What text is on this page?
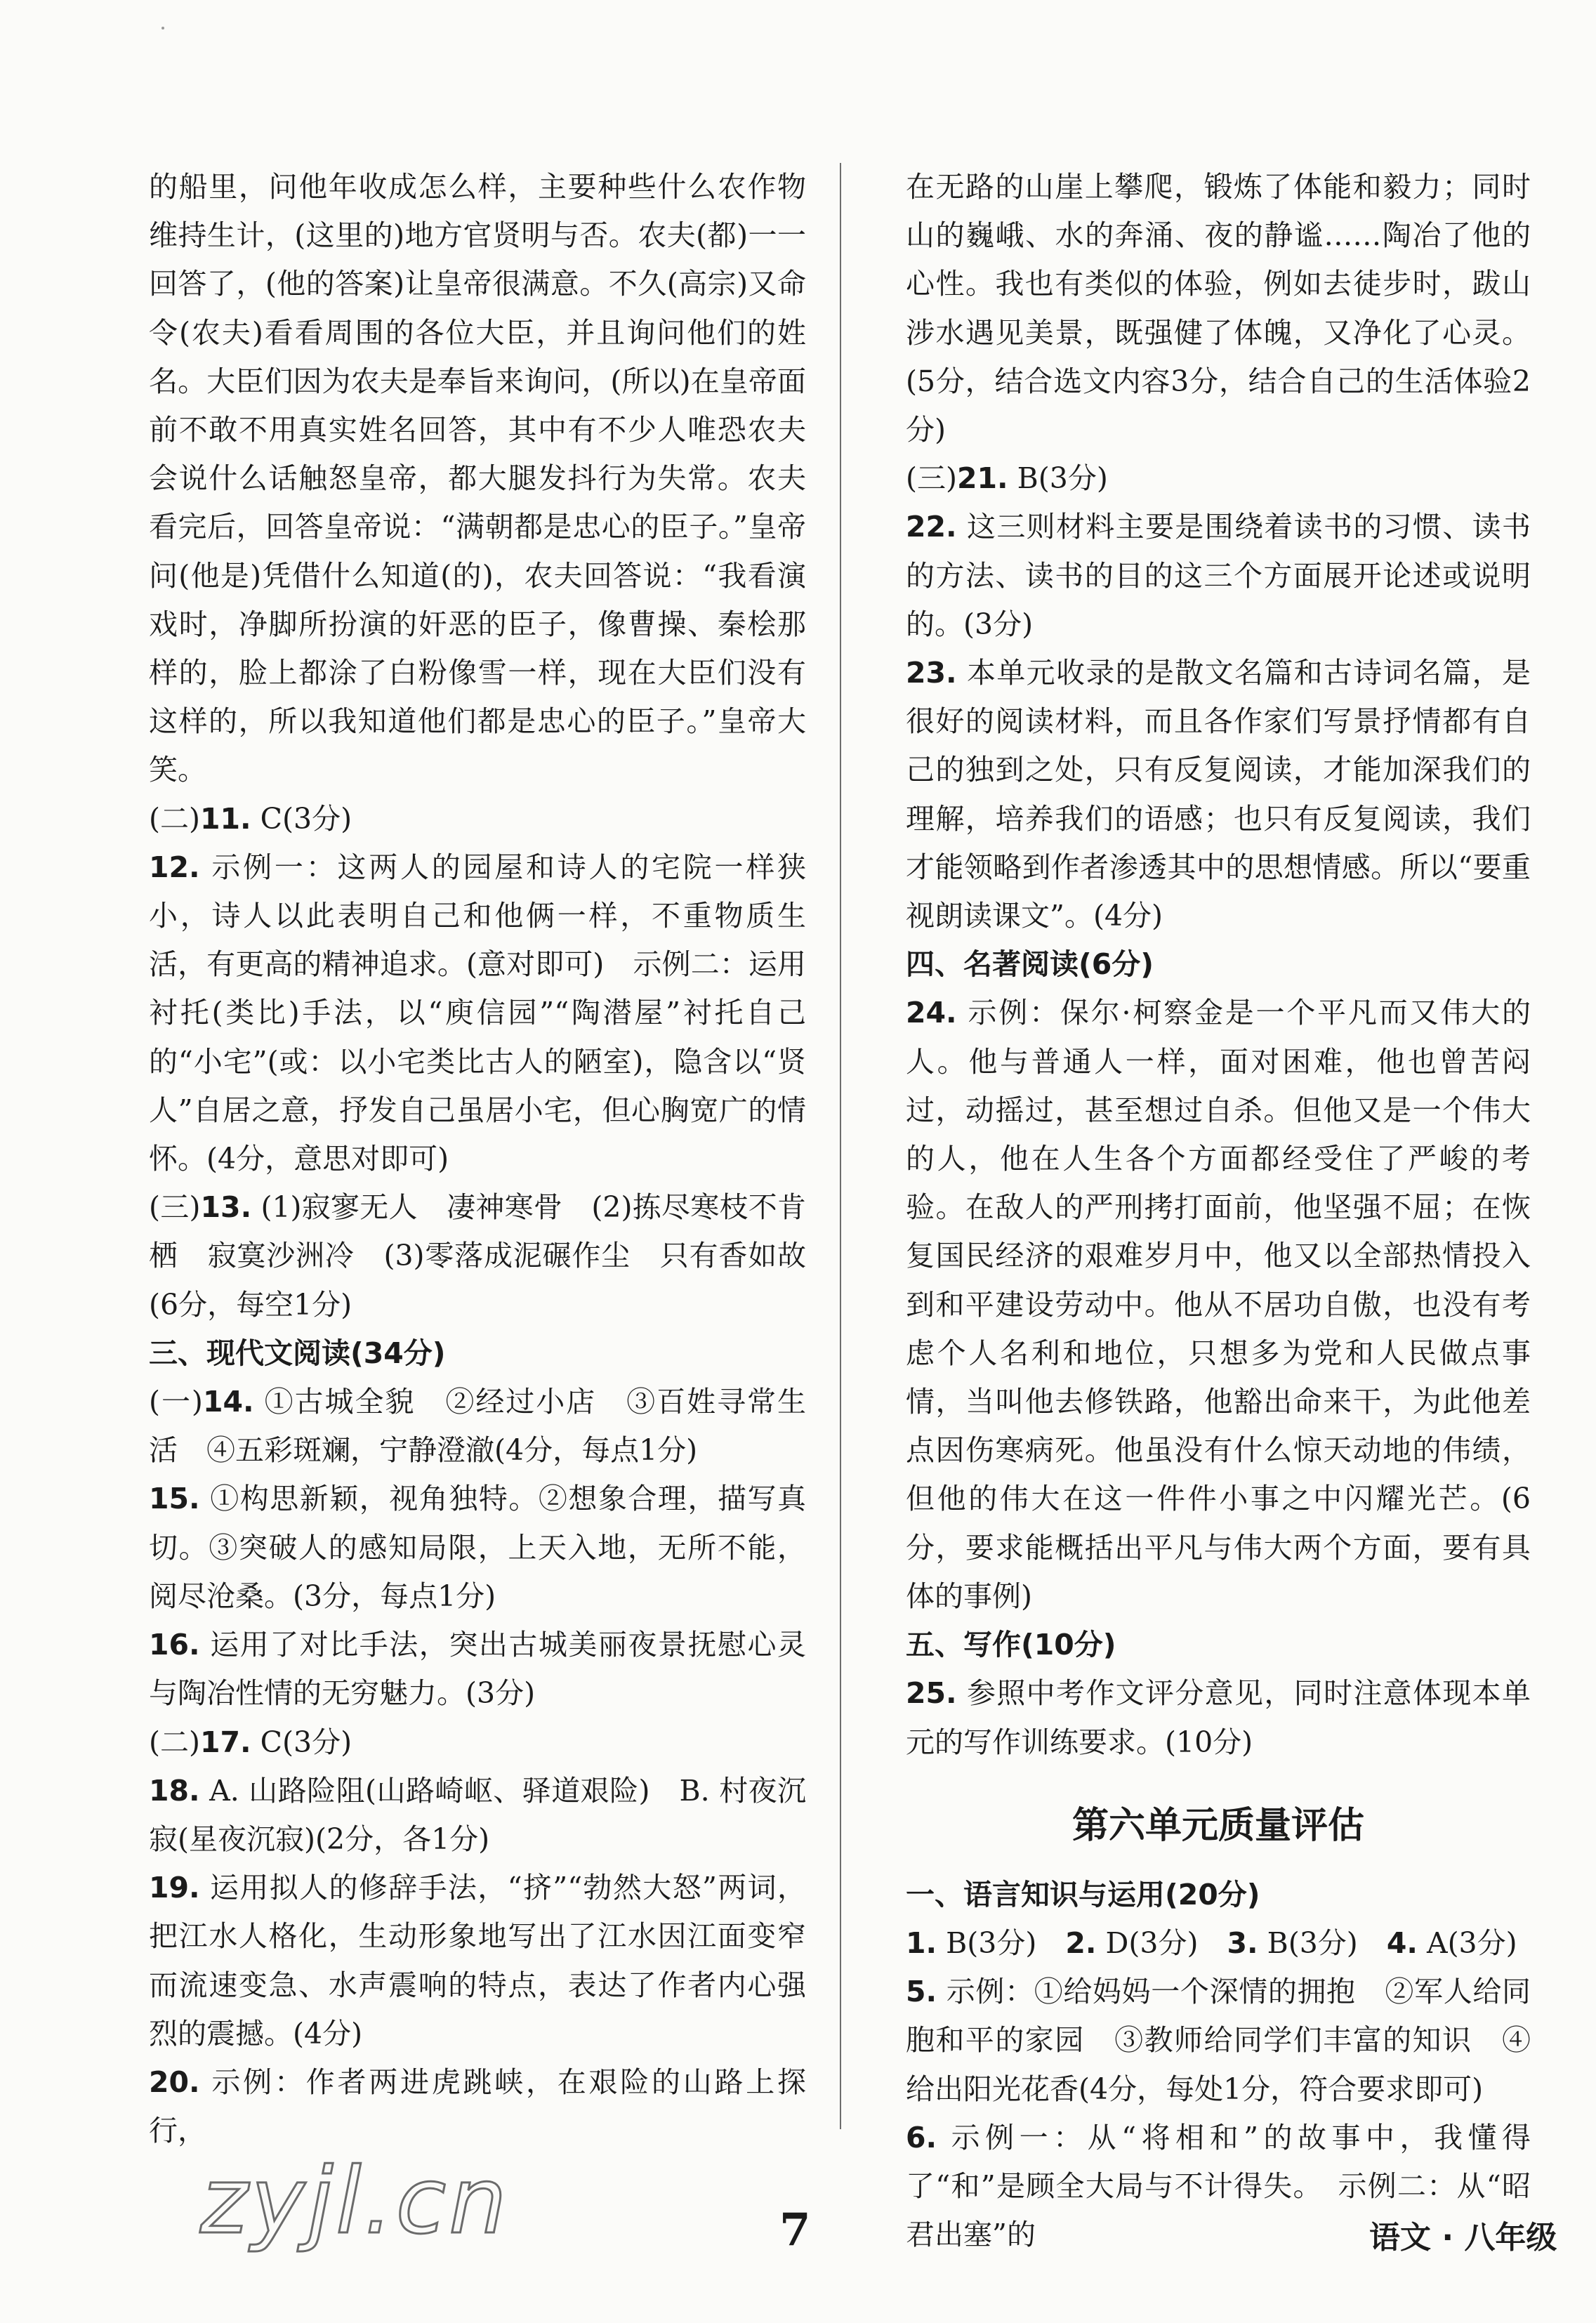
的船里，问他年收成怎么样，主要种些什么农作物维持生计，(这里的)地方官贤明与否。农夫(都)一一回答了，(他的答案)让皇帝很满意。不久(高宗)又命令(农夫)看看周围的各位大臣，并且询问他们的姓名。大臣们因为农夫是奉旨来询问，(所以)在皇帝面前不敢不用真实姓名回答，其中有不少人唯恐农夫会说什么话触怒皇帝，都大腿发抖行为失常。农夫看完后，回答皇帝说：“满朝都是忠心的臣子。”皇帝问(他是)凭借什么知道(的)，农夫回答说：“我看演戏时，净脚所扮演的奸恶的臣子，像曹操、秦桧那样的，脸上都涂了白粉像雪一样，现在大臣们没有这样的，所以我知道他们都是忠心的臣子。”皇帝大笑。

(二)11. C(3分)

12. 示例一：这两人的园屋和诗人的宅院一样狭小，诗人以此表明自己和他俩一样，不重物质生活，有更高的精神追求。(意对即可)　示例二：运用衬托(类比)手法，以“庾信园”“陶潜屋”衬托自己的“小宅”(或：以小宅类比古人的陋室)，隐含以“贤人”自居之意，抒发自己虽居小宅，但心胸宽广的情怀。(4分，意思对即可)

(三)13. (1)寂寥无人　凄神寒骨　(2)拣尽寒枝不肯栖　寂寞沙洲冷　(3)零落成泥碾作尘　只有香如故(6分，每空1分)

三、现代文阅读(34分)

(一)14. ①古城全貌　②经过小店　③百姓寻常生活　④五彩斑斓，宁静澄澈(4分，每点1分)

15. ①构思新颖，视角独特。②想象合理，描写真切。③突破人的感知局限，上天入地，无所不能，阅尽沧桑。(3分，每点1分)

16. 运用了对比手法，突出古城美丽夜景抚慰心灵与陶冶性情的无穷魅力。(3分)

(二)17. C(3分)

18. A. 山路险阻(山路崎岖、驿道艰险)　B. 村夜沉寂(星夜沉寂)(2分，各1分)

19. 运用拟人的修辞手法，“挤”“勃然大怒”两词，把江水人格化，生动形象地写出了江水因江面变窄而流速变急、水声震响的特点，表达了作者内心强烈的震撼。(4分)

20. 示例：作者两进虎跳峡，在艰险的山路上探行，

在无路的山崖上攀爬，锻炼了体能和毅力；同时山的巍峨、水的奔涌、夜的静谧……陶冶了他的心性。我也有类似的体验，例如去徒步时，跋山涉水遇见美景，既强健了体魄，又净化了心灵。(5分，结合选文内容3分，结合自己的生活体验2分)

(三)21. B(3分)

22. 这三则材料主要是围绕着读书的习惯、读书的方法、读书的目的这三个方面展开论述或说明的。(3分)

23. 本单元收录的是散文名篇和古诗词名篇，是很好的阅读材料，而且各作家们写景抒情都有自己的独到之处，只有反复阅读，才能加深我们的理解，培养我们的语感；也只有反复阅读，我们才能领略到作者渗透其中的思想情感。所以“要重视朗读课文”。(4分)

四、名著阅读(6分)

24. 示例：保尔·柯察金是一个平凡而又伟大的人。他与普通人一样，面对困难，他也曾苦闷过，动摇过，甚至想过自杀。但他又是一个伟大的人，他在人生各个方面都经受住了严峻的考验。在敌人的严刑拷打面前，他坚强不屈；在恢复国民经济的艰难岁月中，他又以全部热情投入到和平建设劳动中。他从不居功自傲，也没有考虑个人名利和地位，只想多为党和人民做点事情，当叫他去修铁路，他豁出命来干，为此他差点因伤寒病死。他虽没有什么惊天动地的伟绩，但他的伟大在这一件件小事之中闪耀光芒。(6分，要求能概括出平凡与伟大两个方面，要有具体的事例)

五、写作(10分)

25. 参照中考作文评分意见，同时注意体现本单元的写作训练要求。(10分)

第六单元质量评估

一、语言知识与运用(20分)

1. B(3分)　2. D(3分)　3. B(3分)　4. A(3分)

5. 示例：①给妈妈一个深情的拥抱　②军人给同胞和平的家园　③教师给同学们丰富的知识　④给出阳光花香(4分，每处1分，符合要求即可)

6. 示例一：从“将相和”的故事中，我懂得了“和”是顾全大局与不计得失。　示例二：从“昭君出塞”的

zyjl.cn	7	语文 · 八年级
